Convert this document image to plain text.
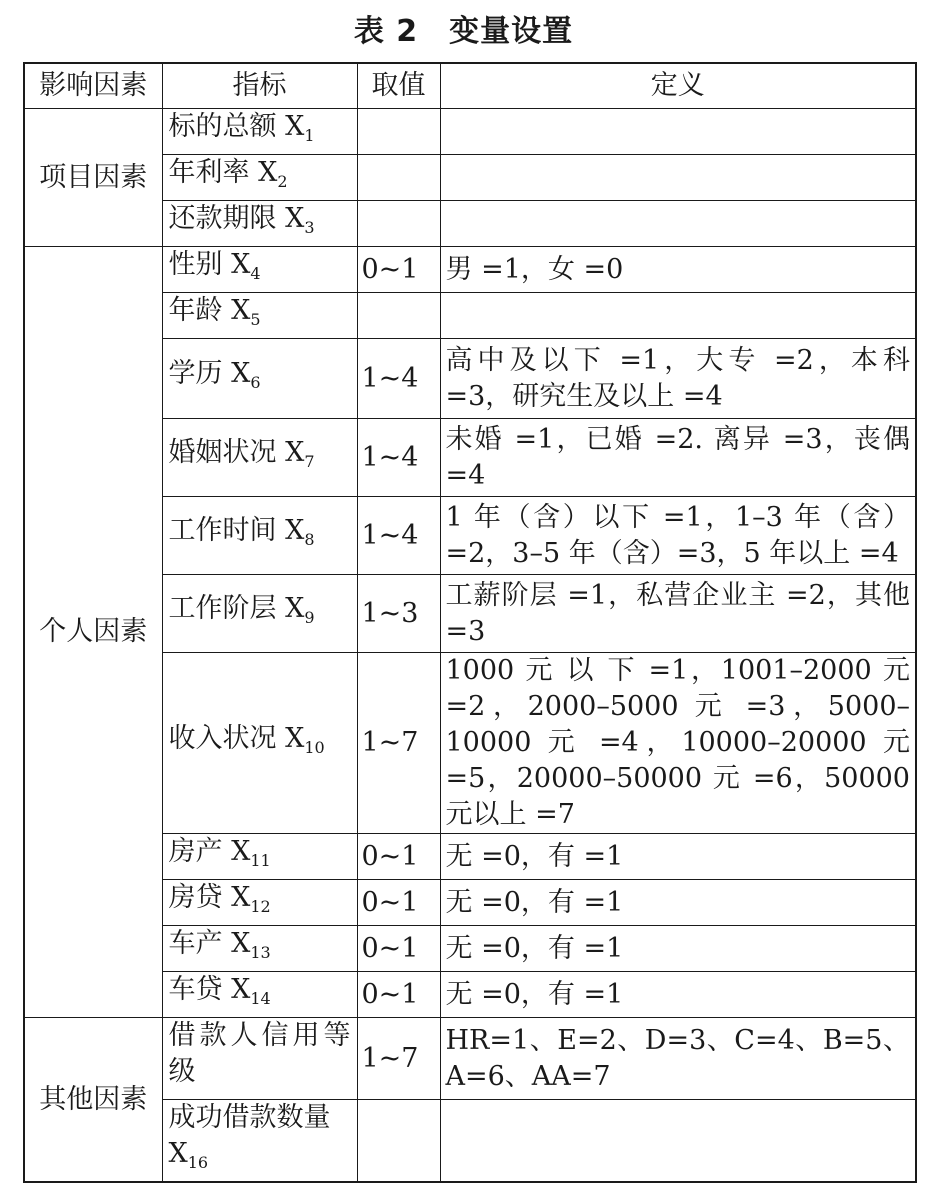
表 2　变量设置
影响因素	指标	取值	定义
项目因素	标的总额 $X_1$		
	年利率 $X_2$		
	还款期限 $X_3$		
个人因素	性别 $X_4$	0~1	男 =1，女 =0
	年龄 $X_5$		
	学历 $X_6$	1~4	高中及以下 =1，大专 =2，本科 =3，研究生及以上 =4
	婚姻状况 $X_7$	1~4	未婚 =1，已婚 =2. 离异 =3，丧偶 =4
	工作时间 $X_8$	1~4	1 年（含）以下 =1，1–3 年（含）=2，3–5 年（含）=3，5 年以上 =4
	工作阶层 $X_9$	1~3	工薪阶层 =1，私营企业主 =2，其他 =3
	收入状况 $X_{10}$	1~7	1000 元 以 下 =1，1001–2000 元 =2，2000–5000 元 =3，5000–10000 元 =4，10000–20000 元 =5，20000–50000 元 =6，50000 元以上 =7
	房产 $X_{11}$	0~1	无 =0，有 =1
	房贷 $X_{12}$	0~1	无 =0，有 =1
	车产 $X_{13}$	0~1	无 =0，有 =1
	车贷 $X_{14}$	0~1	无 =0，有 =1
其他因素	借款人信用等级	1~7	HR=1、E=2、D=3、C=4、B=5、A=6、AA=7
	成功借款数量 $X_{16}$		
